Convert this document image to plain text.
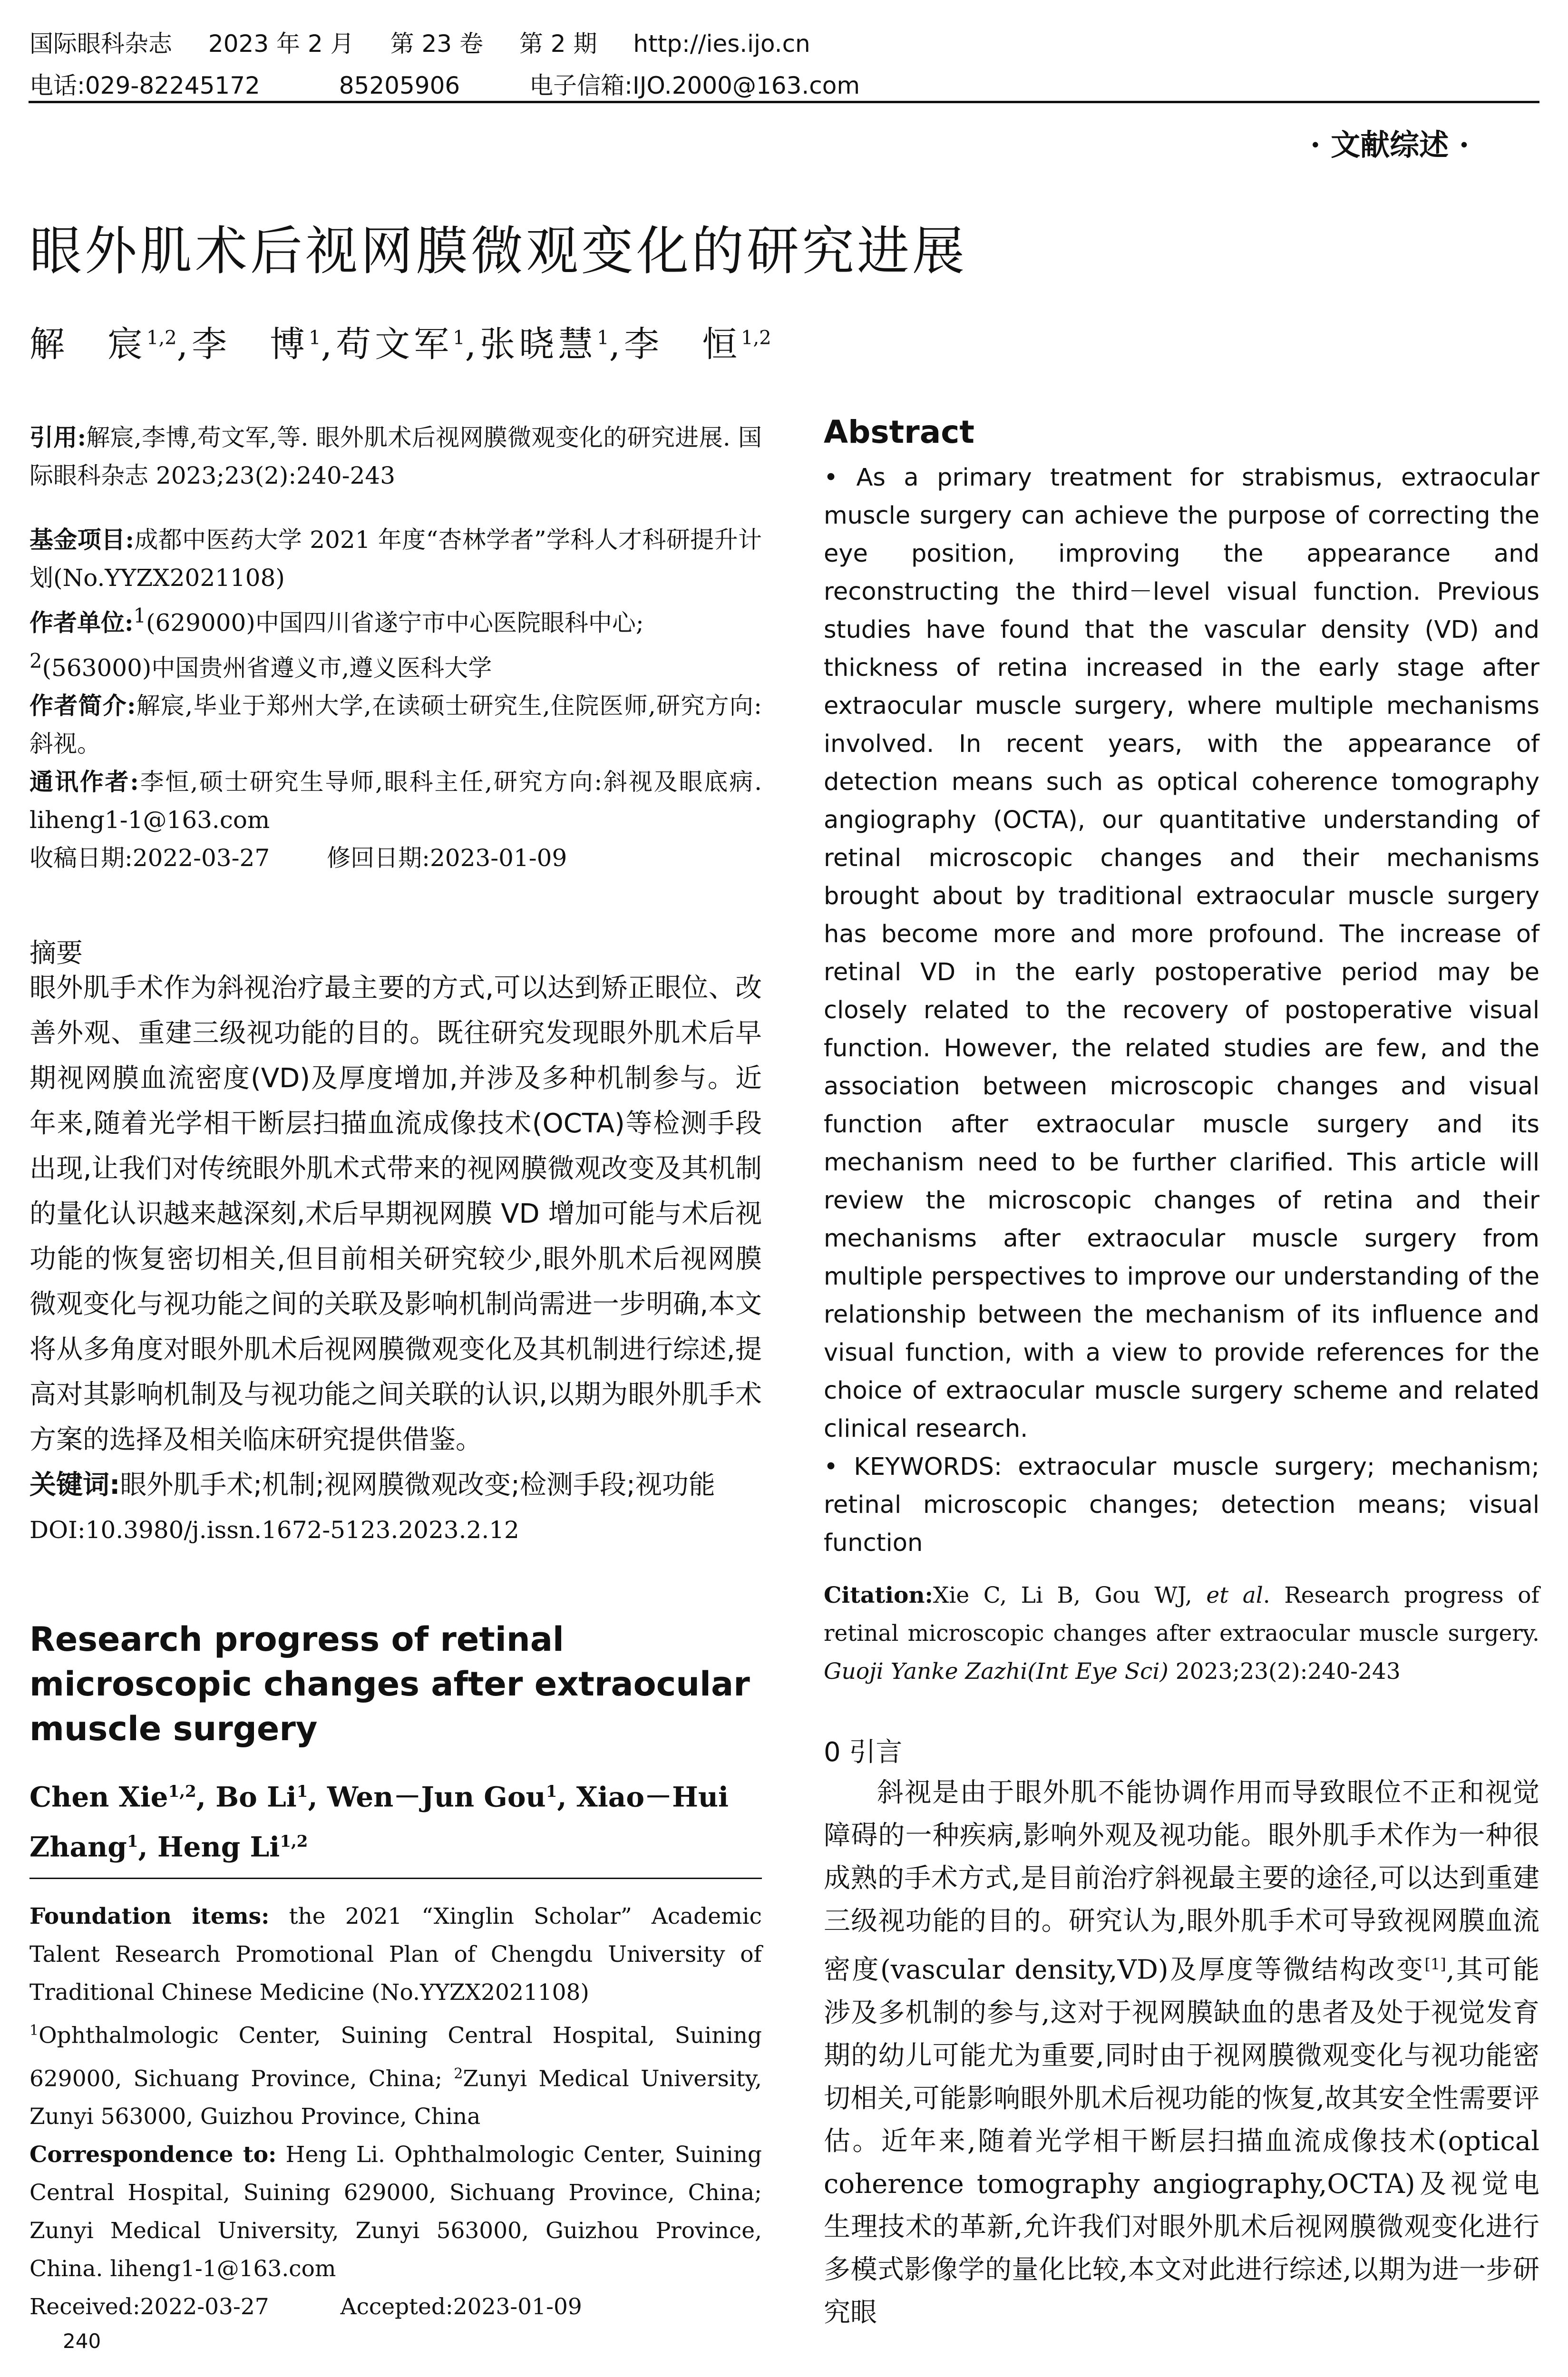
国际眼科杂志 2023 年 2 月 第 23 卷 第 2 期 http://ies.ijo.cn
电话:029-82245172	85205906	电子信箱:IJO.2000@163.com
· 文献综述 ·
眼外肌术后视网膜微观变化的研究进展
解　宸$^{1,2}$,李　博$^1$,苟文军$^1$,张晓慧$^1$,李　恒$^{1,2}$

引用:解宸,李博,苟文军,等. 眼外肌术后视网膜微观变化的研究进展. 国际眼科杂志 2023;23(2):240-243

基金项目:成都中医药大学 2021 年度“杏林学者”学科人才科研提升计划(No.YYZX2021108)

作者单位:$^1$(629000)中国四川省遂宁市中心医院眼科中心;
$^2$(563000)中国贵州省遵义市,遵义医科大学

作者简介:解宸,毕业于郑州大学,在读硕士研究生,住院医师,研究方向:斜视。

通讯作者:李恒,硕士研究生导师,眼科主任,研究方向:斜视及眼底病. liheng1-1@163.com

收稿日期:2022-03-27 修回日期:2023-01-09

摘要

眼外肌手术作为斜视治疗最主要的方式,可以达到矫正眼位、改善外观、重建三级视功能的目的。既往研究发现眼外肌术后早期视网膜血流密度(VD)及厚度增加,并涉及多种机制参与。近年来,随着光学相干断层扫描血流成像技术(OCTA)等检测手段出现,让我们对传统眼外肌术式带来的视网膜微观改变及其机制的量化认识越来越深刻,术后早期视网膜 VD 增加可能与术后视功能的恢复密切相关,但目前相关研究较少,眼外肌术后视网膜微观变化与视功能之间的关联及影响机制尚需进一步明确,本文将从多角度对眼外肌术后视网膜微观变化及其机制进行综述,提高对其影响机制及与视功能之间关联的认识,以期为眼外肌手术方案的选择及相关临床研究提供借鉴。

关键词:眼外肌手术;机制;视网膜微观改变;检测手段;视功能

DOI:10.3980/j.issn.1672-5123.2023.2.12

Research progress of retinal microscopic changes after extraocular muscle surgery
Chen Xie$^{1,2}$, Bo Li$^1$, Wen－Jun Gou$^1$, Xiao－Hui Zhang$^1$, Heng Li$^{1,2}$

Foundation items: the 2021 “Xinglin Scholar” Academic Talent Research Promotional Plan of Chengdu University of Traditional Chinese Medicine (No.YYZX2021108)

$^1$Ophthalmologic Center, Suining Central Hospital, Suining 629000, Sichuang Province, China; $^2$Zunyi Medical University, Zunyi 563000, Guizhou Province, China

Correspondence to: Heng Li. Ophthalmologic Center, Suining Central Hospital, Suining 629000, Sichuang Province, China; Zunyi Medical University, Zunyi 563000, Guizhou Province, China. liheng1-1@163.com

Received:2022-03-27	Accepted:2023-01-09

240
Abstract

• As a primary treatment for strabismus, extraocular muscle surgery can achieve the purpose of correcting the eye position, improving the appearance and reconstructing the third－level visual function. Previous studies have found that the vascular density (VD) and thickness of retina increased in the early stage after extraocular muscle surgery, where multiple mechanisms involved. In recent years, with the appearance of detection means such as optical coherence tomography angiography (OCTA), our quantitative understanding of retinal microscopic changes and their mechanisms brought about by traditional extraocular muscle surgery has become more and more profound. The increase of retinal VD in the early postoperative period may be closely related to the recovery of postoperative visual function. However, the related studies are few, and the association between microscopic changes and visual function after extraocular muscle surgery and its mechanism need to be further clarified. This article will review the microscopic changes of retina and their mechanisms after extraocular muscle surgery from multiple perspectives to improve our understanding of the relationship between the mechanism of its influence and visual function, with a view to provide references for the choice of extraocular muscle surgery scheme and related clinical research.

• KEYWORDS: extraocular muscle surgery; mechanism; retinal microscopic changes; detection means; visual function

Citation:Xie C, Li B, Gou WJ, et al. Research progress of retinal microscopic changes after extraocular muscle surgery. Guoji Yanke Zazhi(Int Eye Sci) 2023;23(2):240-243
0 引言

斜视是由于眼外肌不能协调作用而导致眼位不正和视觉障碍的一种疾病,影响外观及视功能。眼外肌手术作为一种很成熟的手术方式,是目前治疗斜视最主要的途径,可以达到重建三级视功能的目的。研究认为,眼外肌手术可导致视网膜血流密度(vascular density,VD)及厚度等微结构改变[1],其可能涉及多机制的参与,这对于视网膜缺血的患者及处于视觉发育期的幼儿可能尤为重要,同时由于视网膜微观变化与视功能密切相关,可能影响眼外肌术后视功能的恢复,故其安全性需要评估。近年来,随着光学相干断层扫描血流成像技术(optical coherence tomography angiography,OCTA)及视觉电生理技术的革新,允许我们对眼外肌术后视网膜微观变化进行多模式影像学的量化比较,本文对此进行综述,以期为进一步研究眼
